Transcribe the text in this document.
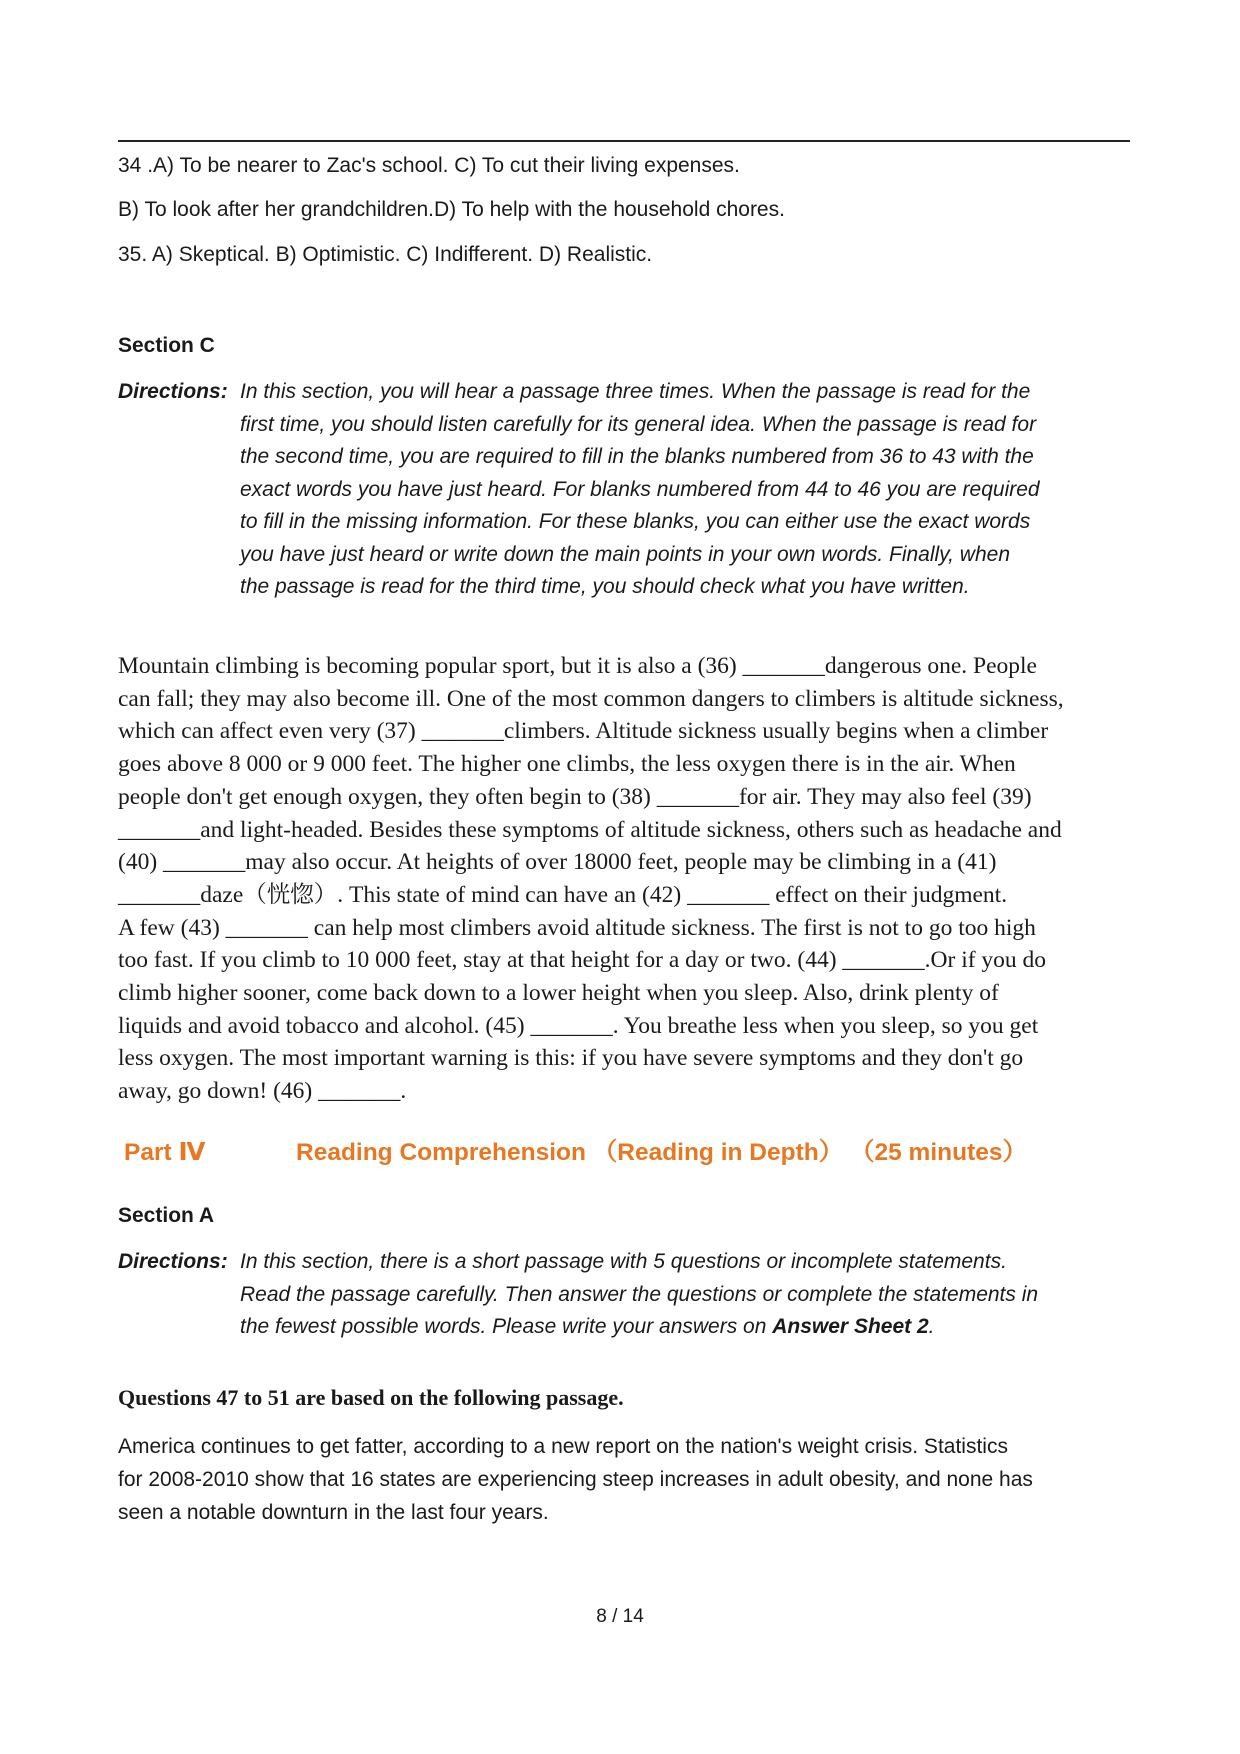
34 .A) To be nearer to Zac's school. C) To cut their living expenses.
B) To look after her grandchildren.D) To help with the household chores.
35. A) Skeptical. B) Optimistic. C) Indifferent. D) Realistic.
Section C
Directions: In this section, you will hear a passage three times. When the passage is read for the
first time, you should listen carefully for its general idea. When the passage is read for
the second time, you are required to fill in the blanks numbered from 36 to 43 with the
exact words you have just heard. For blanks numbered from 44 to 46 you are required
to fill in the missing information. For these blanks, you can either use the exact words
you have just heard or write down the main points in your own words. Finally, when
the passage is read for the third time, you should check what you have written.

Mountain climbing is becoming popular sport, but it is also a (36) _______dangerous one. People

can fall; they may also become ill. One of the most common dangers to climbers is altitude sickness,

which can affect even very (37) _______climbers. Altitude sickness usually begins when a climber

goes above 8 000 or 9 000 feet. The higher one climbs, the less oxygen there is in the air. When

people don't get enough oxygen, they often begin to (38) _______for air. They may also feel (39)

_______and light-headed. Besides these symptoms of altitude sickness, others such as headache and

(40) _______may also occur. At heights of over 18000 feet, people may be climbing in a (41)

_______daze（恍惚）. This state of mind can have an (42) _______ effect on their judgment.

A few (43) _______ can help most climbers avoid altitude sickness. The first is not to go too high

too fast. If you climb to 10 000 feet, stay at that height for a day or two. (44) _______.Or if you do

climb higher sooner, come back down to a lower height when you sleep. Also, drink plenty of

liquids and avoid tobacco and alcohol. (45) _______. You breathe less when you sleep, so you get

less oxygen. The most important warning is this: if you have severe symptoms and they don't go

away, go down! (46) _______.

Part Ⅳ	Reading Comprehension （Reading in Depth） （25 minutes）
Section A
Directions: In this section, there is a short passage with 5 questions or incomplete statements.
Read the passage carefully. Then answer the questions or complete the statements in
the fewest possible words. Please write your answers on Answer Sheet 2.
Questions 47 to 51 are based on the following passage.

America continues to get fatter, according to a new report on the nation's weight crisis. Statistics

for 2008-2010 show that 16 states are experiencing steep increases in adult obesity, and none has

seen a notable downturn in the last four years.

8 / 14
